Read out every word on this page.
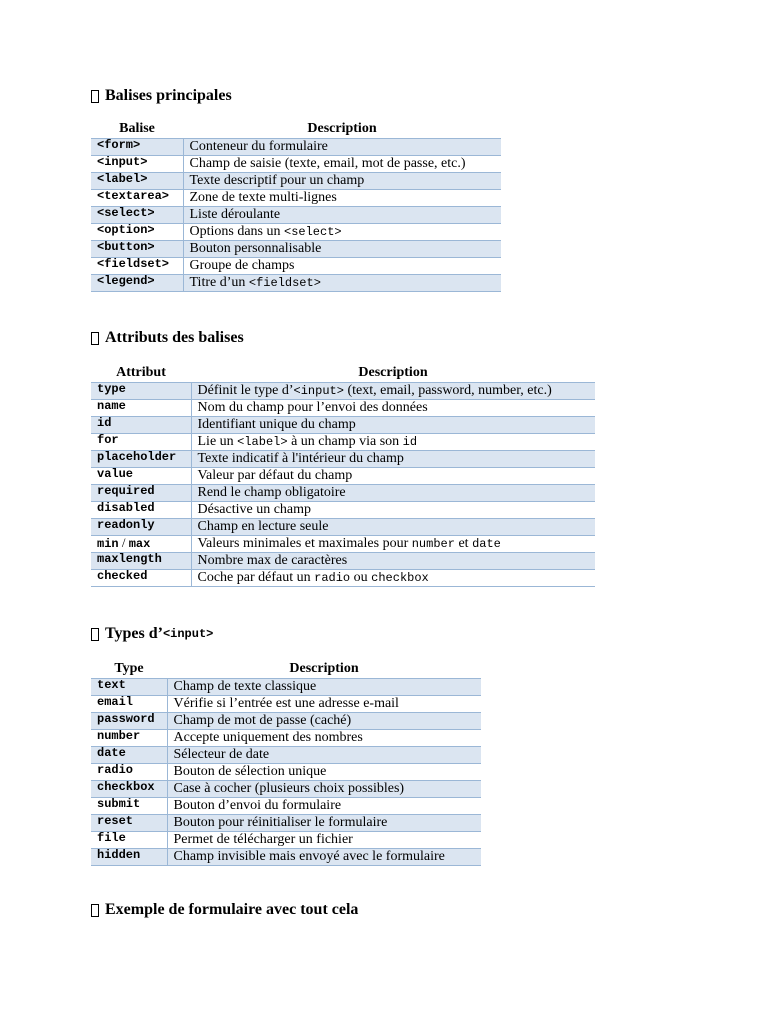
Balises principales
Balise	Description
<form>	Conteneur du formulaire
<input>	Champ de saisie (texte, email, mot de passe, etc.)
<label>	Texte descriptif pour un champ
<textarea>	Zone de texte multi-lignes
<select>	Liste déroulante
<option>	Options dans un <select>
<button>	Bouton personnalisable
<fieldset>	Groupe de champs
<legend>	Titre d’un <fieldset>
Attributs des balises
Attribut	Description
type	Définit le type d’<input> (text, email, password, number, etc.)
name	Nom du champ pour l’envoi des données
id	Identifiant unique du champ
for	Lie un <label> à un champ via son id
placeholder	Texte indicatif à l'intérieur du champ
value	Valeur par défaut du champ
required	Rend le champ obligatoire
disabled	Désactive un champ
readonly	Champ en lecture seule
min / max	Valeurs minimales et maximales pour number et date
maxlength	Nombre max de caractères
checked	Coche par défaut un radio ou checkbox
Types d’ <input>
Type	Description
text	Champ de texte classique
email	Vérifie si l’entrée est une adresse e-mail
password	Champ de mot de passe (caché)
number	Accepte uniquement des nombres
date	Sélecteur de date
radio	Bouton de sélection unique
checkbox	Case à cocher (plusieurs choix possibles)
submit	Bouton d’envoi du formulaire
reset	Bouton pour réinitialiser le formulaire
file	Permet de télécharger un fichier
hidden	Champ invisible mais envoyé avec le formulaire
Exemple de formulaire avec tout cela
